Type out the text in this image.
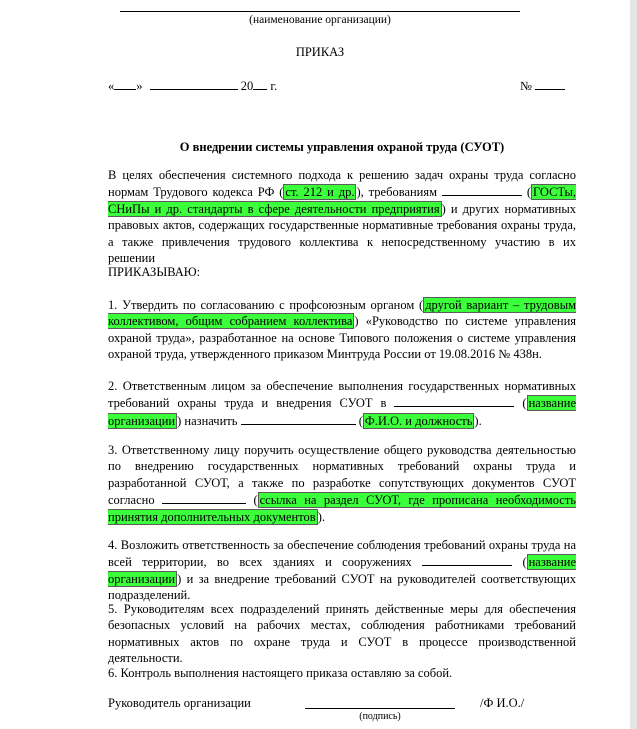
(наименование организации)
ПРИКАЗ
« »	20 г.	№
О внедрении системы управления охраной труда (СУОТ)
В целях обеспечения системного подхода к решению задач охраны труда согласно нормам Трудового кодекса РФ ( ст. 212 и др. ), требованиям	( ГОСТы, СНиПы и др. стандарты в сфере деятельности предприятия ) и других нормативных правовых актов, содержащих государственные нормативные требования охраны труда, а также привлечения трудового коллектива к непосредственному участию в их решении
ПРИКАЗЫВАЮ:
1. Утвердить по согласованию с профсоюзным органом ( другой вариант – трудовым коллективом, общим собранием коллектива ) «Руководство по системе управления охраной труда», разработанное на основе Типового положения о системе управления охраной труда, утвержденного приказом Минтруда России от 19.08.2016 № 438н.
2. Ответственным лицом за обеспечение выполнения государственных нормативных требований охраны труда и внедрения СУОТ в	( название организации ) назначить	( Ф.И.О. и должность ).
3. Ответственному лицу поручить осуществление общего руководства деятельностью по внедрению государственных нормативных требований охраны труда и разработанной СУОТ, а также по разработке сопутствующих документов СУОТ согласно	( ссылка на раздел СУОТ, где прописана необходимость принятия дополнительных документов ).
4. Возложить ответственность за обеспечение соблюдения требований охраны труда на всей территории, во всех зданиях и сооружениях	( название организации ) и за внедрение требований СУОТ на руководителей соответствующих подразделений.
5. Руководителям всех подразделений принять действенные меры для обеспечения безопасных условий на рабочих местах, соблюдения работниками требований нормативных актов по охране труда и СУОТ в процессе производственной деятельности.
6. Контроль выполнения настоящего приказа оставляю за собой.
Руководитель организации	/Ф И.О./
(подпись)
